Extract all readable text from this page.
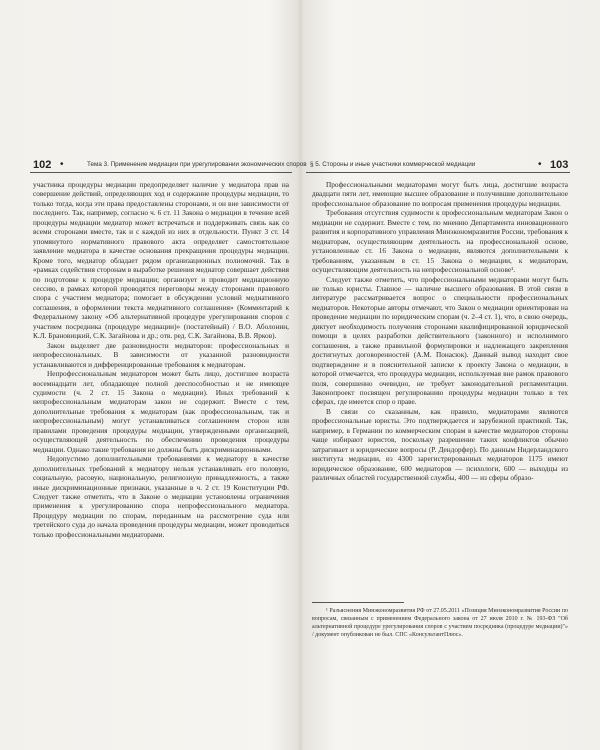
102 •	Тема 3. Применение медиации при урегулировании экономических споров § 5. Стороны и иные участники коммерческой медиации	• 103

участника процедуры медиации предопределяет наличие у медиатора прав на совершение действий, определяющих ход и содержание процедуры медиации, то только тогда, когда эти права предоставлены сторонами, и он вне зависимости от последнего. Так, например, согласно ч. 6 ст. 11 Закона о медиации в течение всей процедуры медиации медиатор может встречаться и поддерживать связь как со всеми сторонами вместе, так и с каждой из них в отдельности. Пункт 3 ст. 14 упомянутого нормативного правового акта определяет самостоятельное заявление медиатора в качестве основания прекращения процедуры медиации. Кроме того, медиатор обладает рядом организационных полномочий. Так в «рамках содействия сторонам в выработке решения медиатор совершает действия по подготовке к процедуре медиации; организует и проводит медиационную сессию, в рамках которой проводятся переговоры между сторонами правового спора с участием медиатора; помогает в обсуждении условий медиативного соглашения, в оформлении текста медиативного соглашения» (Комментарий к Федеральному закону «Об альтернативной процедуре урегулирования споров с участием посредника (процедуре медиации)» (постатейный) / В.О. Аболонин, К.Л. Брановицкий, С.К. Загайнова и др.; отв. ред. С.К. Загайнова, В.В. Ярков).

Закон выделяет две разновидности медиаторов: профессиональных и непрофессиональных. В зависимости от указанной разновидности устанавливаются и дифференцированные требования к медиаторам.

Непрофессиональным медиатором может быть лицо, достигшее возраста восемнадцати лет, обладающее полной дееспособностью и не имеющее судимости (ч. 2 ст. 15 Закона о медиации). Иных требований к непрофессиональным медиаторам закон не содержит. Вместе с тем, дополнительные требования к медиаторам (как профессиональным, так и непрофессиональным) могут устанавливаться соглашением сторон или правилами проведения процедуры медиации, утвержденными организацией, осуществляющей деятельность по обеспечению проведения процедуры медиации. Однако такие требования не должны быть дискриминационными.

Недопустимо дополнительными требованиями к медиатору в качестве дополнительных требований к медиатору нельзя устанавливать его половую, социальную, расовую, национальную, религиозную принадлежность, а также иные дискриминационные признаки, указанные в ч. 2 ст. 19 Конституции РФ. Следует также отметить, что в Законе о медиации установлены ограничения применения к урегулированию спора непрофессионального медиатора. Процедуру медиации по спорам, переданным на рассмотрение суда или третейского суда до начала проведения процедуры медиации, может проводиться только профессиональными медиаторами.

Профессиональными медиаторами могут быть лица, достигшие возраста двадцати пяти лет, имеющие высшее образование и получившие дополнительное профессиональное образование по вопросам применения процедуры медиации.

Требования отсутствия судимости к профессиональным медиаторам Закон о медиации не содержит. Вместе с тем, по мнению Департамента инновационного развития и корпоративного управления Минэкономразвития России, требования к медиаторам, осуществляющим деятельность на профессиональной основе, установленные ст. 16 Закона о медиации, являются дополнительными к требованиям, указанным в ст. 15 Закона о медиации, к медиаторам, осуществляющим деятельность на непрофессиональной основе¹.

Следует также отметить, что профессиональными медиаторами могут быть не только юристы. Главное — наличие высшего образования. В этой связи в литературе рассматривается вопрос о специальности профессиональных медиаторов. Некоторые авторы отмечают, что Закон о медиации ориентирован на проведение медиации по юридическим спорам (ч. 2–4 ст. 1), что, в свою очередь, диктует необходимость получения сторонами квалифицированной юридической помощи в целях разработки действительного (законного) и исполнимого соглашения, а также правильной формулировки и надлежащего закрепления достигнутых договоренностей (А.М. Понасюк). Данный вывод находит свое подтверждение и в пояснительной записке к проекту Закона о медиации, в которой отмечается, что процедура медиации, используемая вне рамок правового поля, совершенно очевидно, не требует законодательной регламентации. Законопроект посвящен регулированию процедуры медиации только в тех сферах, где имеется спор о праве.

В связи со сказанным, как правило, медиаторами являются профессиональные юристы. Это подтверждается и зарубежной практикой. Так, например, в Германии по коммерческим спорам в качестве медиаторов стороны чаще избирают юристов, поскольку разрешение таких конфликтов обычно затрагивает и юридические вопросы (Р. Дендорфер). По данным Нидерландского института медиации, из 4300 зарегистрированных медиаторов 1175 имеют юридическое образование, 600 медиаторов — психологи, 600 — выходцы из различных областей государственной службы, 400 — из сферы образо-

¹ Разъяснения Минэкономразвития РФ от 27.05.2011 «Позиция Минэкономразвития России по вопросам, связанным с применением Федерального закона от 27 июля 2010 г. № 193-ФЗ "Об альтернативной процедуре урегулирования споров с участием посредника (процедуре медиации)"» / документ опубликован не был. СПС «КонсультантПлюс».
